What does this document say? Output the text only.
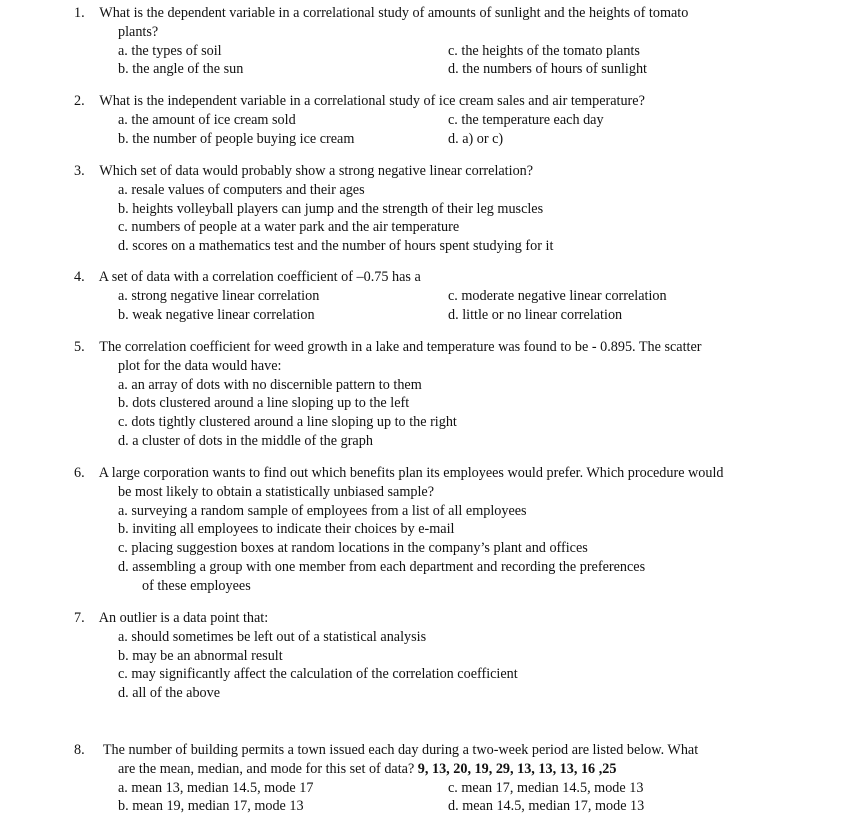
1. What is the dependent variable in a correlational study of amounts of sunlight and the heights of tomato
plants?
a. the types of soil	c. the heights of the tomato plants
b. the angle of the sun	d. the numbers of hours of sunlight
2. What is the independent variable in a correlational study of ice cream sales and air temperature?
a. the amount of ice cream sold	c. the temperature each day
b. the number of people buying ice cream	d. a) or c)
3. Which set of data would probably show a strong negative linear correlation?
a. resale values of computers and their ages
b. heights volleyball players can jump and the strength of their leg muscles
c. numbers of people at a water park and the air temperature
d. scores on a mathematics test and the number of hours spent studying for it
4. A set of data with a correlation coefficient of –0.75 has a
a. strong negative linear correlation	c. moderate negative linear correlation
b. weak negative linear correlation	d. little or no linear correlation
5. The correlation coefficient for weed growth in a lake and temperature was found to be - 0.895. The scatter
plot for the data would have:
a. an array of dots with no discernible pattern to them
b. dots clustered around a line sloping up to the left
c. dots tightly clustered around a line sloping up to the right
d. a cluster of dots in the middle of the graph
6. A large corporation wants to find out which benefits plan its employees would prefer. Which procedure would
be most likely to obtain a statistically unbiased sample?
a. surveying a random sample of employees from a list of all employees
b. inviting all employees to indicate their choices by e-mail
c. placing suggestion boxes at random locations in the company’s plant and offices
d. assembling a group with one member from each department and recording the preferences
of these employees
7. An outlier is a data point that:
a. should sometimes be left out of a statistical analysis
b. may be an abnormal result
c. may significantly affect the calculation of the correlation coefficient
d. all of the above
8. The number of building permits a town issued each day during a two-week period are listed below. What
are the mean, median, and mode for this set of data? 9, 13, 20, 19, 29, 13, 13, 13, 16 ,25
a. mean 13, median 14.5, mode 17	c. mean 17, median 14.5, mode 13
b. mean 19, median 17, mode 13	d. mean 14.5, median 17, mode 13
